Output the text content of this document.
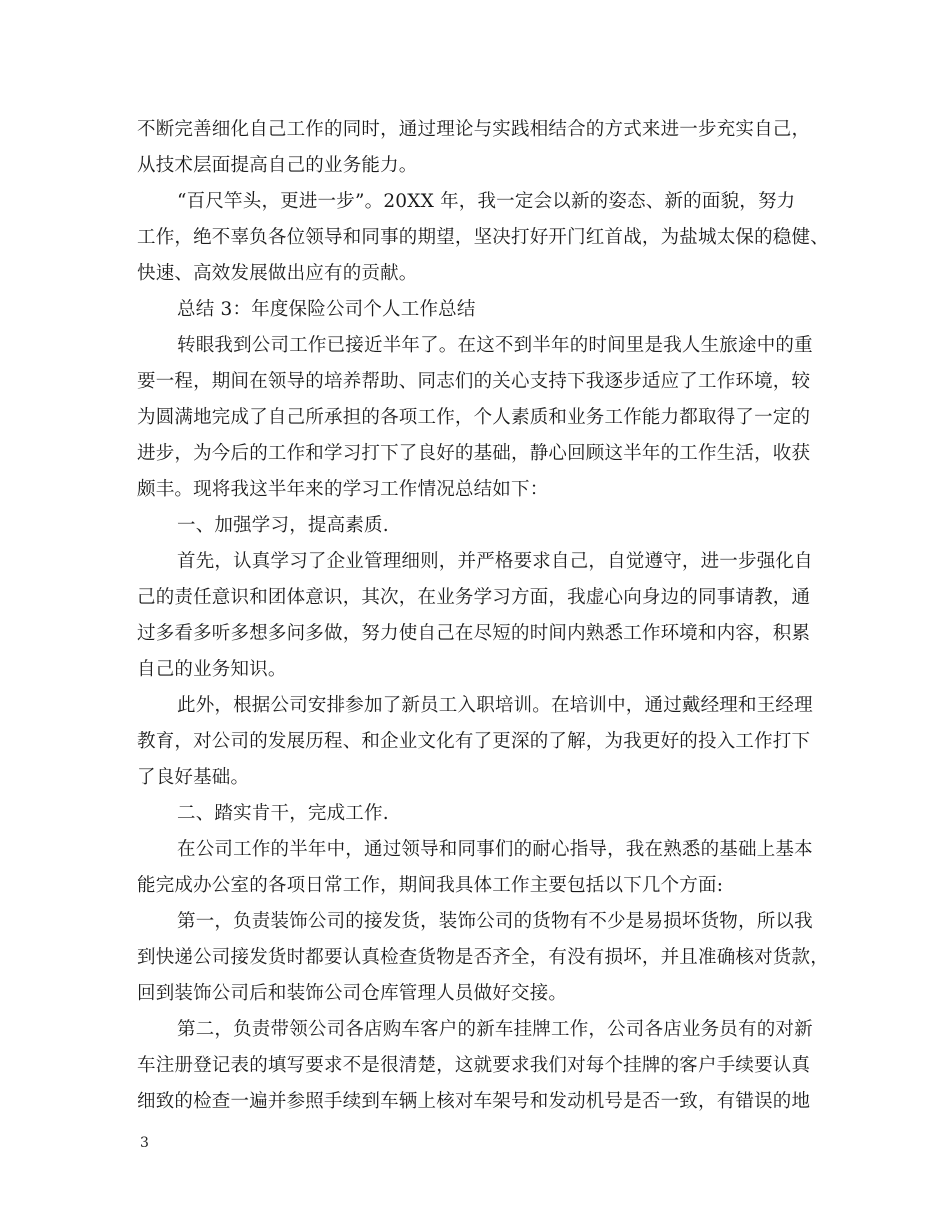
不断完善细化自己工作的同时，通过理论与实践相结合的方式来进一步充实自己，
从技术层面提高自己的业务能力。
“百尺竿头，更进一步”。20XX 年，我一定会以新的姿态、新的面貌，努力
工作，绝不辜负各位领导和同事的期望，坚决打好开门红首战，为盐城太保的稳健、
快速、高效发展做出应有的贡献。
总结 3：年度保险公司个人工作总结
转眼我到公司工作已接近半年了。在这不到半年的时间里是我人生旅途中的重
要一程，期间在领导的培养帮助、同志们的关心支持下我逐步适应了工作环境，较
为圆满地完成了自己所承担的各项工作，个人素质和业务工作能力都取得了一定的
进步，为今后的工作和学习打下了良好的基础，静心回顾这半年的工作生活，收获
颇丰。现将我这半年来的学习工作情况总结如下：
一、加强学习，提高素质.
首先，认真学习了企业管理细则，并严格要求自己，自觉遵守，进一步强化自
己的责任意识和团体意识，其次，在业务学习方面，我虚心向身边的同事请教，通
过多看多听多想多问多做，努力使自己在尽短的时间内熟悉工作环境和内容，积累
自己的业务知识。
此外，根据公司安排参加了新员工入职培训。在培训中，通过戴经理和王经理
教育，对公司的发展历程、和企业文化有了更深的了解，为我更好的投入工作打下
了良好基础。
二、踏实肯干，完成工作.
在公司工作的半年中，通过领导和同事们的耐心指导，我在熟悉的基础上基本
能完成办公室的各项日常工作，期间我具体工作主要包括以下几个方面:
第一，负责装饰公司的接发货，装饰公司的货物有不少是易损坏货物，所以我
到快递公司接发货时都要认真检查货物是否齐全，有没有损坏，并且准确核对货款，
回到装饰公司后和装饰公司仓库管理人员做好交接。
第二，负责带领公司各店购车客户的新车挂牌工作，公司各店业务员有的对新
车注册登记表的填写要求不是很清楚，这就要求我们对每个挂牌的客户手续要认真
细致的检查一遍并参照手续到车辆上核对车架号和发动机号是否一致，有错误的地
3
